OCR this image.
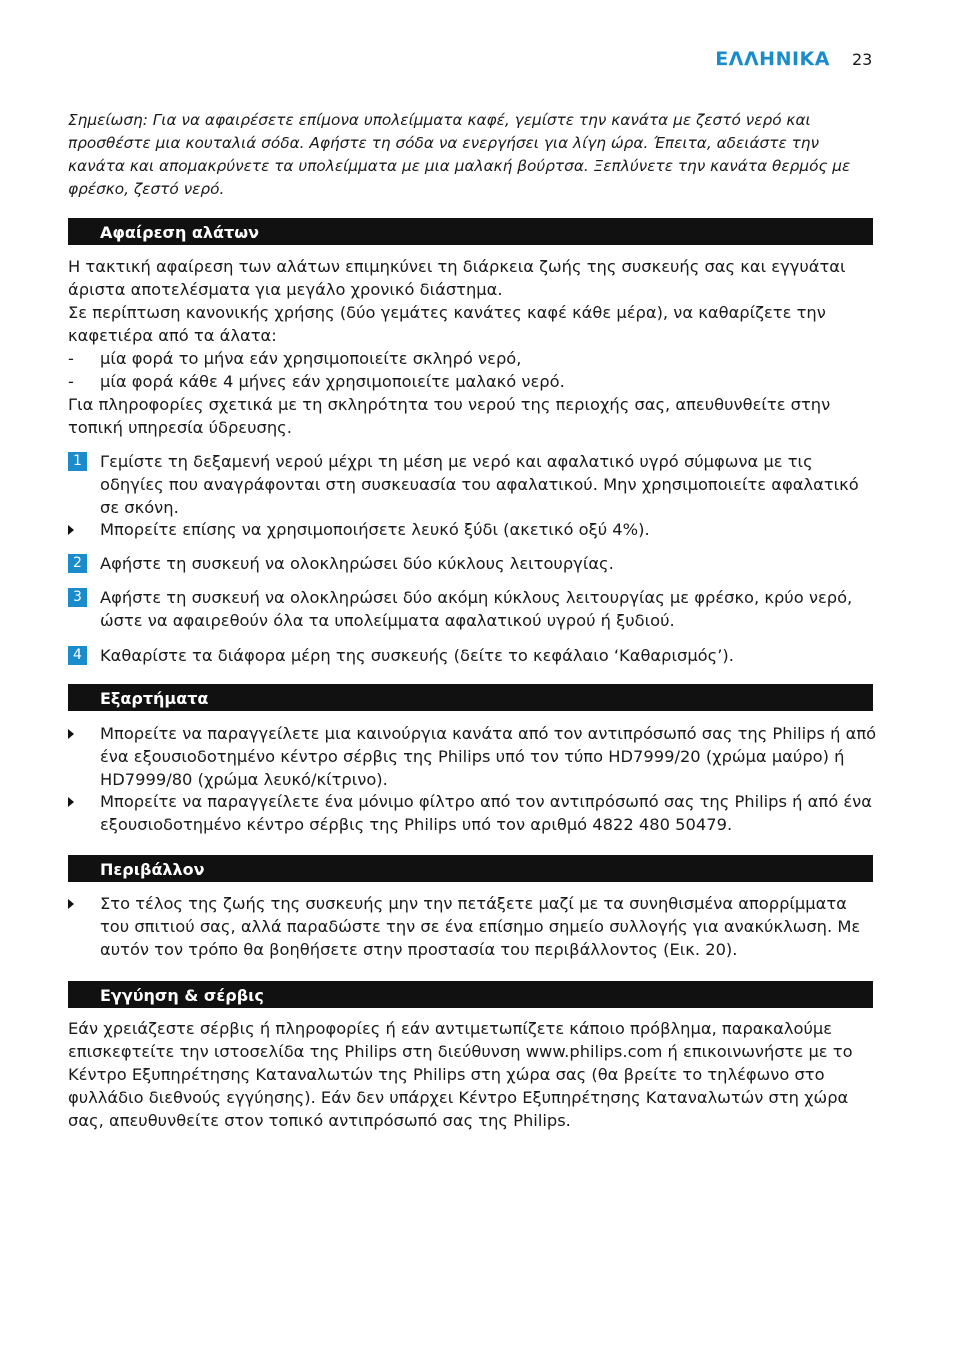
ΕΛΛΗΝΙΚΑ 23

Σημείωση: Για να αφαιρέσετε επίμονα υπολείμματα καφέ, γεμίστε την κανάτα με ζεστό νερό και προσθέστε μια κουταλιά σόδα. Αφήστε τη σόδα να ενεργήσει για λίγη ώρα. Έπειτα, αδειάστε την κανάτα και απομακρύνετε τα υπολείμματα με μια μαλακή βούρτσα. Ξεπλύνετε την κανάτα θερμός με φρέσκο, ζεστό νερό.

Αφαίρεση αλάτων

Η τακτική αφαίρεση των αλάτων επιμηκύνει τη διάρκεια ζωής της συσκευής σας και εγγυάται άριστα αποτελέσματα για μεγάλο χρονικό διάστημα.

Σε περίπτωση κανονικής χρήσης (δύο γεμάτες κανάτες καφέ κάθε μέρα), να καθαρίζετε την καφετιέρα από τα άλατα:

- μία φορά το μήνα εάν χρησιμοποιείτε σκληρό νερό,
- μία φορά κάθε 4 μήνες εάν χρησιμοποιείτε μαλακό νερό.

Για πληροφορίες σχετικά με τη σκληρότητα του νερού της περιοχής σας, απευθυνθείτε στην τοπική υπηρεσία ύδρευσης.

1	Γεμίστε τη δεξαμενή νερού μέχρι τη μέση με νερό και αφαλατικό υγρό σύμφωνα με τις οδηγίες που αναγράφονται στη συσκευασία του αφαλατικού. Μην χρησιμοποιείτε αφαλατικό σε σκόνη.
Μπορείτε επίσης να χρησιμοποιήσετε λευκό ξύδι (ακετικό οξύ 4%).
2	Αφήστε τη συσκευή να ολοκληρώσει δύο κύκλους λειτουργίας.
3	Αφήστε τη συσκευή να ολοκληρώσει δύο ακόμη κύκλους λειτουργίας με φρέσκο, κρύο νερό, ώστε να αφαιρεθούν όλα τα υπολείμματα αφαλατικού υγρού ή ξυδιού.
4	Καθαρίστε τα διάφορα μέρη της συσκευής (δείτε το κεφάλαιο ‘Καθαρισμός’).
Εξαρτήματα
Μπορείτε να παραγγείλετε μια καινούργια κανάτα από τον αντιπρόσωπό σας της Philips ή από ένα εξουσιοδοτημένο κέντρο σέρβις της Philips υπό τον τύπο HD7999/20 (χρώμα μαύρο) ή HD7999/80 (χρώμα λευκό/κίτρινο).
Μπορείτε να παραγγείλετε ένα μόνιμο φίλτρο από τον αντιπρόσωπό σας της Philips ή από ένα εξουσιοδοτημένο κέντρο σέρβις της Philips υπό τον αριθμό 4822 480 50479.
Περιβάλλον
Στο τέλος της ζωής της συσκευής μην την πετάξετε μαζί με τα συνηθισμένα απορρίμματα του σπιτιού σας, αλλά παραδώστε την σε ένα επίσημο σημείο συλλογής για ανακύκλωση. Με αυτόν τον τρόπο θα βοηθήσετε στην προστασία του περιβάλλοντος (Εικ. 20).
Εγγύηση & σέρβις

Εάν χρειάζεστε σέρβις ή πληροφορίες ή εάν αντιμετωπίζετε κάποιο πρόβλημα, παρακαλούμε επισκεφτείτε την ιστοσελίδα της Philips στη διεύθυνση www.philips.com ή επικοινωνήστε με το Κέντρο Εξυπηρέτησης Καταναλωτών της Philips στη χώρα σας (θα βρείτε το τηλέφωνο στο φυλλάδιο διεθνούς εγγύησης). Εάν δεν υπάρχει Κέντρο Εξυπηρέτησης Καταναλωτών στη χώρα σας, απευθυνθείτε στον τοπικό αντιπρόσωπό σας της Philips.
